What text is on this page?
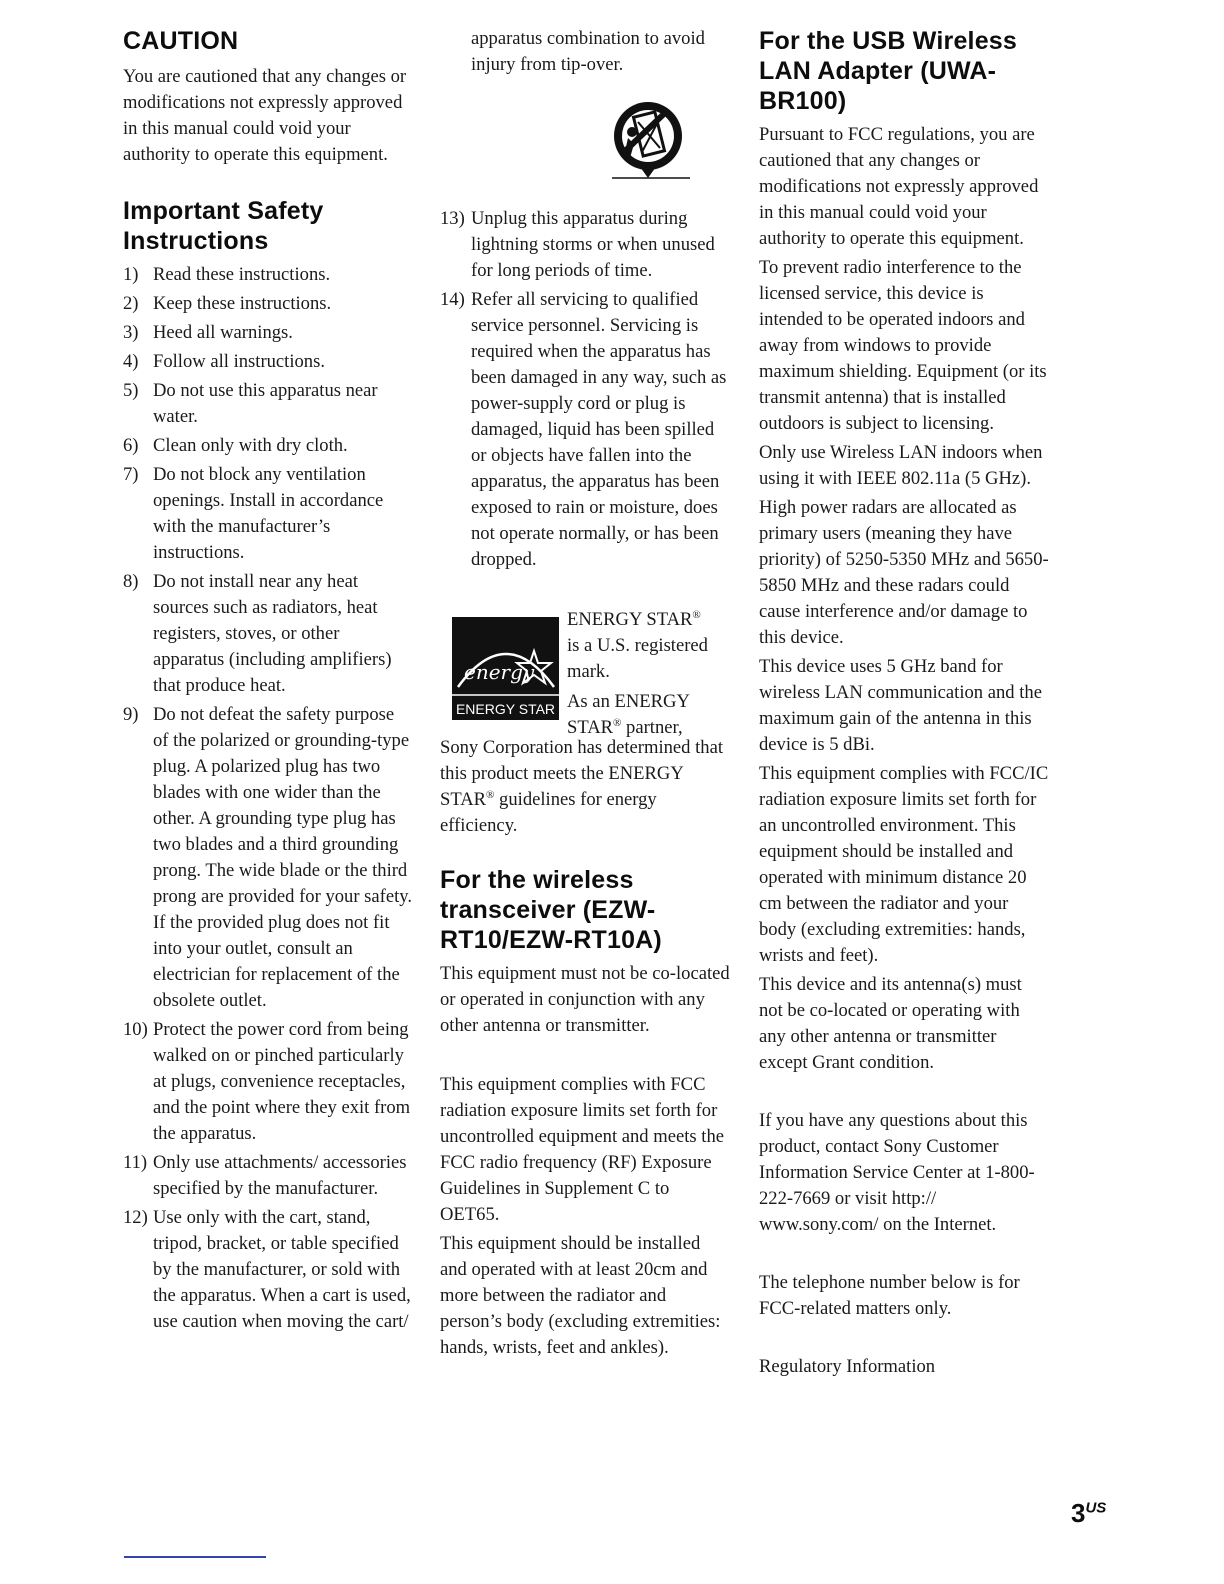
CAUTION

You are cautioned that any changes or modifications not expressly approved in this manual could void your authority to operate this equipment.

Important Safety
Instructions
1) Read these instructions.
2) Keep these instructions.
3) Heed all warnings.
4) Follow all instructions.
5) Do not use this apparatus near water.
6) Clean only with dry cloth.
7) Do not block any ventilation openings. Install in accordance with the manufacturer’s instructions.
8) Do not install near any heat sources such as radiators, heat registers, stoves, or other apparatus (including amplifiers) that produce heat.
9) Do not defeat the safety purpose of the polarized or grounding-type plug. A polarized plug has two blades with one wider than the other. A grounding type plug has two blades and a third grounding prong. The wide blade or the third prong are provided for your safety. If the provided plug does not fit into your outlet, consult an electrician for replacement of the obsolete outlet.
10) Protect the power cord from being walked on or pinched particularly at plugs, convenience receptacles, and the point where they exit from the apparatus.
11) Only use attachments/ accessories specified by the manufacturer.
12) Use only with the cart, stand, tripod, bracket, or table specified by the manufacturer, or sold with the apparatus. When a cart is used, use caution when moving the cart/

apparatus combination to avoid injury from tip-over.

13) Unplug this apparatus during lightning storms or when unused for long periods of time.
14) Refer all servicing to qualified service personnel. Servicing is required when the apparatus has been damaged in any way, such as power-supply cord or plug is damaged, liquid has been spilled or objects have fallen into the apparatus, the apparatus has been exposed to rain or moisture, does not operate normally, or has been dropped.
energy
ENERGY STAR

ENERGY STAR®

is a U.S. registered mark.

As an ENERGY

STAR® partner,

Sony Corporation has determined that this product meets the ENERGY STAR® guidelines for energy efficiency.

For the wireless
transceiver (EZW-
RT10/EZW-RT10A)

This equipment must not be co-located or operated in conjunction with any other antenna or transmitter.

This equipment complies with FCC radiation exposure limits set forth for uncontrolled equipment and meets the FCC radio frequency (RF) Exposure Guidelines in Supplement C to OET65.

This equipment should be installed and operated with at least 20cm and more between the radiator and person’s body (excluding extremities: hands, wrists, feet and ankles).

For the USB Wireless
LAN Adapter (UWA-
BR100)

Pursuant to FCC regulations, you are cautioned that any changes or modifications not expressly approved in this manual could void your authority to operate this equipment.

To prevent radio interference to the licensed service, this device is intended to be operated indoors and away from windows to provide maximum shielding. Equipment (or its transmit antenna) that is installed outdoors is subject to licensing.

Only use Wireless LAN indoors when using it with IEEE 802.11a (5 GHz).

High power radars are allocated as primary users (meaning they have priority) of 5250-5350 MHz and 5650-5850 MHz and these radars could cause interference and/or damage to this device.

This device uses 5 GHz band for wireless LAN communication and the maximum gain of the antenna in this device is 5 dBi.

This equipment complies with FCC/IC radiation exposure limits set forth for an uncontrolled environment. This equipment should be installed and operated with minimum distance 20 cm between the radiator and your body (excluding extremities: hands, wrists and feet).

This device and its antenna(s) must not be co-located or operating with any other antenna or transmitter except Grant condition.

If you have any questions about this product, contact Sony Customer Information Service Center at 1-800-222-7669 or visit http:// www.sony.com/ on the Internet.

The telephone number below is for FCC-related matters only.

Regulatory Information

$3^{US}$
